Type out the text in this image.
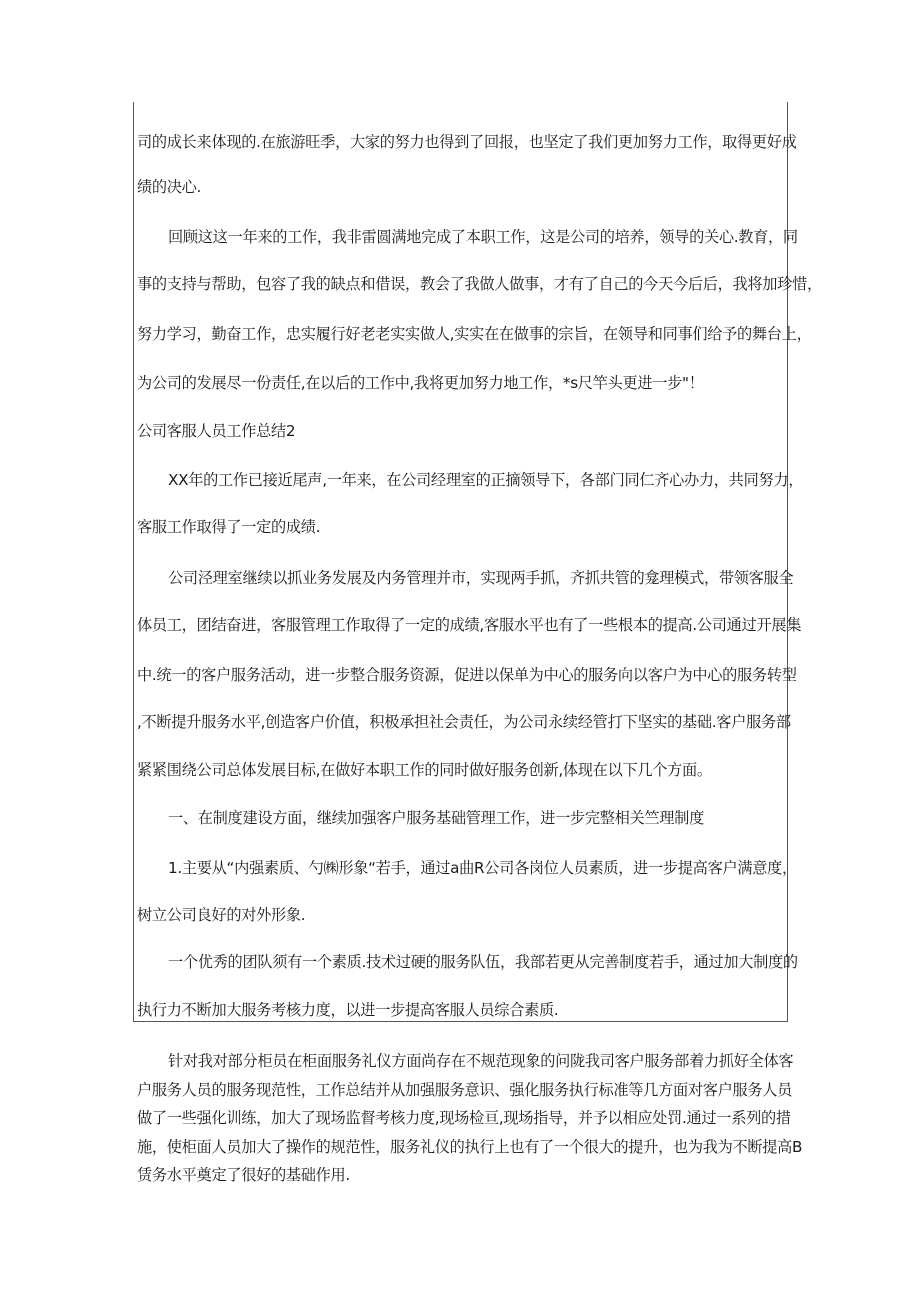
司的成长来体现的.在旅游旺季，大家的努力也得到了回报，也坚定了我们更加努力工作，取得更好成
绩的决心.
回顾这这一年来的工作，我非雷圆满地完成了本职工作，这是公司的培养，领导的关心.教育，同
事的支持与帮助，包容了我的缺点和借误，教会了我做人做事，才有了自己的今天今后后，我将加珍惜，
努力学习，勤奋工作，忠实履行好老老实实做人,实实在在做事的宗旨，在领导和同事们给予的舞台上，
为公司的发展尽一份责任,在以后的工作中,我将更加努力地工作，*s尺竿头更进一步"！
公司客服人员工作总结2
XX年的工作已接近尾声,一年来，在公司经理室的正摘领导下，各部门同仁齐心办力，共同努力，
客服工作取得了一定的成绩.
公司泾理室继续以抓业务发展及内务管理并市，实现两手抓，齐抓共管的龛理模式，带领客服全
体员工，团结奋进，客服管理工作取得了一定的成绩,客服水平也有了一些根本的提高.公司通过开展集
中.统一的客户服务活动，进一步整合服务资源，促进以保单为中心的服务向以客户为中心的服务转型
,不断提升服务水平,创造客户价值，积极承担社会责任，为公司永续经管打下坚实的基础.客户服务部
紧紧围绕公司总体发展目标,在做好本职工作的同时做好服务创新,体现在以下几个方面。
一、在制度建设方面，继续加强客户服务基础管理工作，进一步完整相关竺理制度
1.主要从“内强素质、勺㈱形象“若手，通过a曲R公司各岗位人员素质，进一步提高客户满意度，
树立公司良好的对外形象.
一个优秀的团队须有一个素质.技术过硬的服务队伍，我部若更从完善制度若手，通过加大制度的
执行力不断加大服务考核力度，以进一步提高客服人员综合素质.
针对我对部分柜员在柜面服务礼仪方面尚存在不规范现象的问陇我司客户服务部着力抓好全体客
户服务人员的服务现范性，工作总结并从加强服务意识、强化服务执行标准等几方面对客户服务人员
做了一些强化训练，加大了现场监督考核力度,现场检亘,现场指导，并予以相应处罚.通过一系列的措
施，使柜面人员加大了操作的规范性，服务礼仪的执行上也有了一个很大的提升，也为我为不断提高B
赁务水平奠定了很好的基础作用.
